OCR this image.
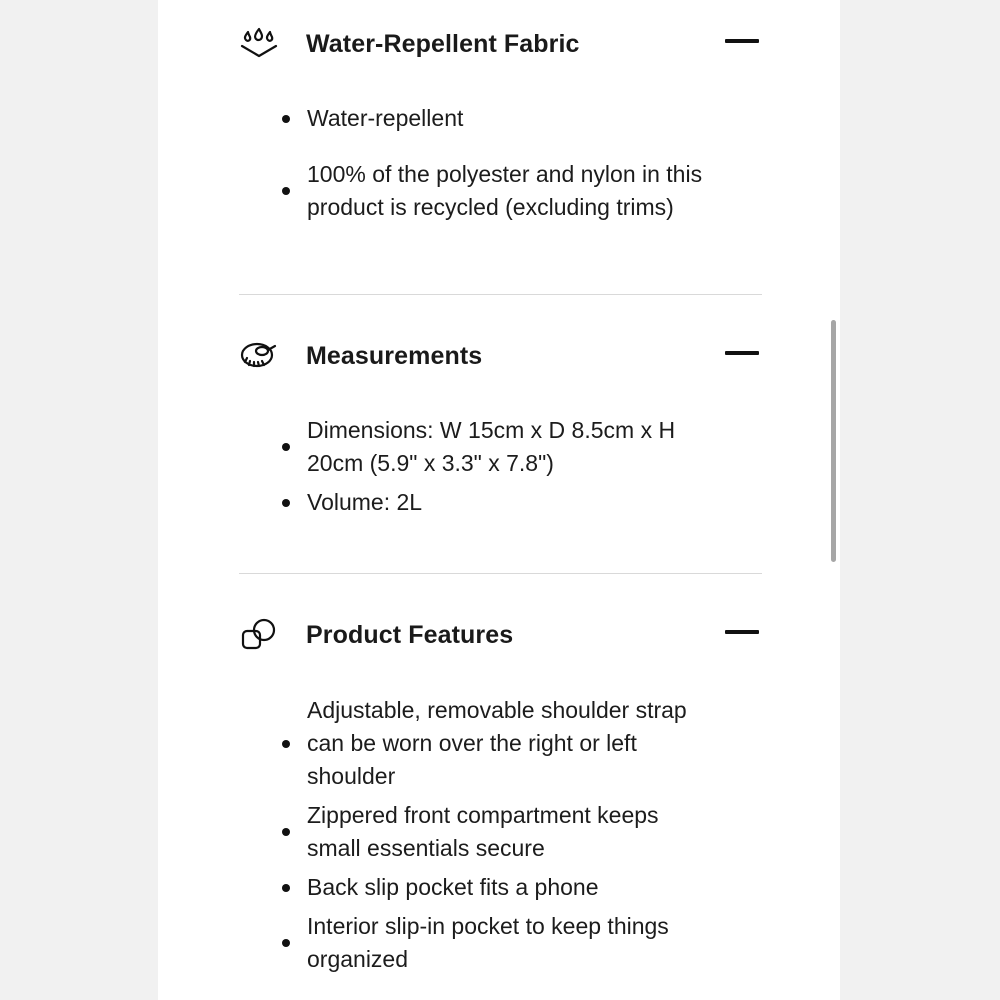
Water-Repellent Fabric
Water-repellent
100% of the polyester and nylon in this product is recycled (excluding trims)
Measurements
Dimensions: W 15cm x D 8.5cm x H 20cm (5.9" x 3.3" x 7.8")
Volume: 2L
Product Features
Adjustable, removable shoulder strap can be worn over the right or left shoulder
Zippered front compartment keeps small essentials secure
Back slip pocket fits a phone
Interior slip-in pocket to keep things organized
